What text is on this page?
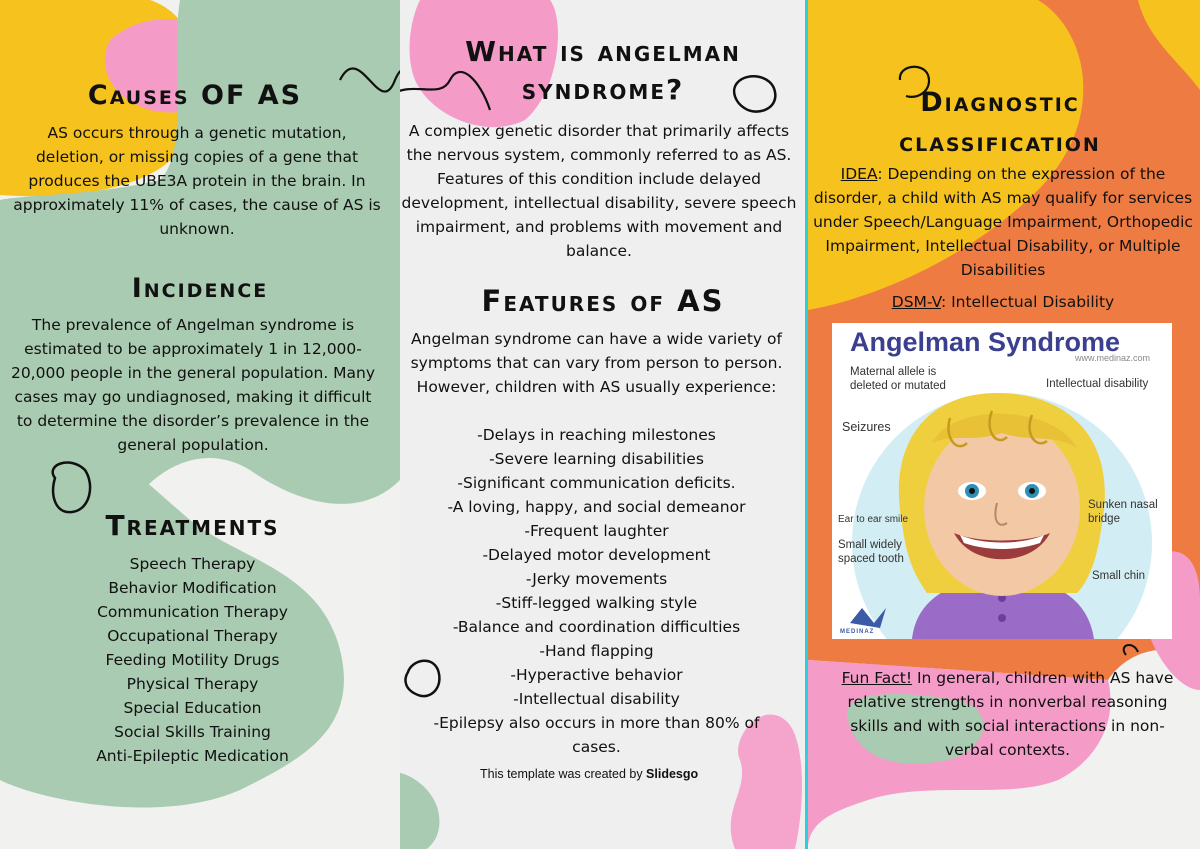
Causes OF AS
AS occurs through a genetic mutation, deletion, or missing copies of a gene that produces the UBE3A protein in the brain. In approximately 11% of cases, the cause of AS is unknown.
Incidence
The prevalence of Angelman syndrome is estimated to be approximately 1 in 12,000-20,000 people in the general population. Many cases may go undiagnosed, making it difficult to determine the disorder’s prevalence in the general population.
Treatments
Speech Therapy
Behavior Modification
Communication Therapy
Occupational Therapy
Feeding Motility Drugs
Physical Therapy
Special Education
Social Skills Training
Anti-Epileptic Medication
What is angelman
syndrome?
A complex genetic disorder that primarily affects the nervous system, commonly referred to as AS. Features of this condition include delayed development, intellectual disability, severe speech impairment, and problems with movement and balance.
Features of AS
Angelman syndrome can have a wide variety of symptoms that can vary from person to person. However, children with AS usually experience:
-Delays in reaching milestones
-Severe learning disabilities
-Significant communication deficits.
-A loving, happy, and social demeanor
-Frequent laughter
-Delayed motor development
-Jerky movements
-Stiff-legged walking style
-Balance and coordination difficulties
-Hand flapping
-Hyperactive behavior
-Intellectual disability
-Epilepsy also occurs in more than 80% of cases.
This template was created by Slidesgo
Diagnostic
classification
IDEA: Depending on the expression of the disorder, a child with AS may qualify for services under Speech/Language Impairment, Orthopedic Impairment, Intellectual Disability, or Multiple Disabilities
DSM-V: Intellectual Disability
Fun Fact! In general, children with AS have relative strengths in nonverbal reasoning skills and with social interactions in non-verbal contexts.
Angelman Syndrome
www.medinaz.com
Maternal allele is deleted or mutated	Intellectual disability
Seizures
Ear to ear smile
Sunken nasal bridge
Small widely spaced tooth
Small chin
MEDINAZ
